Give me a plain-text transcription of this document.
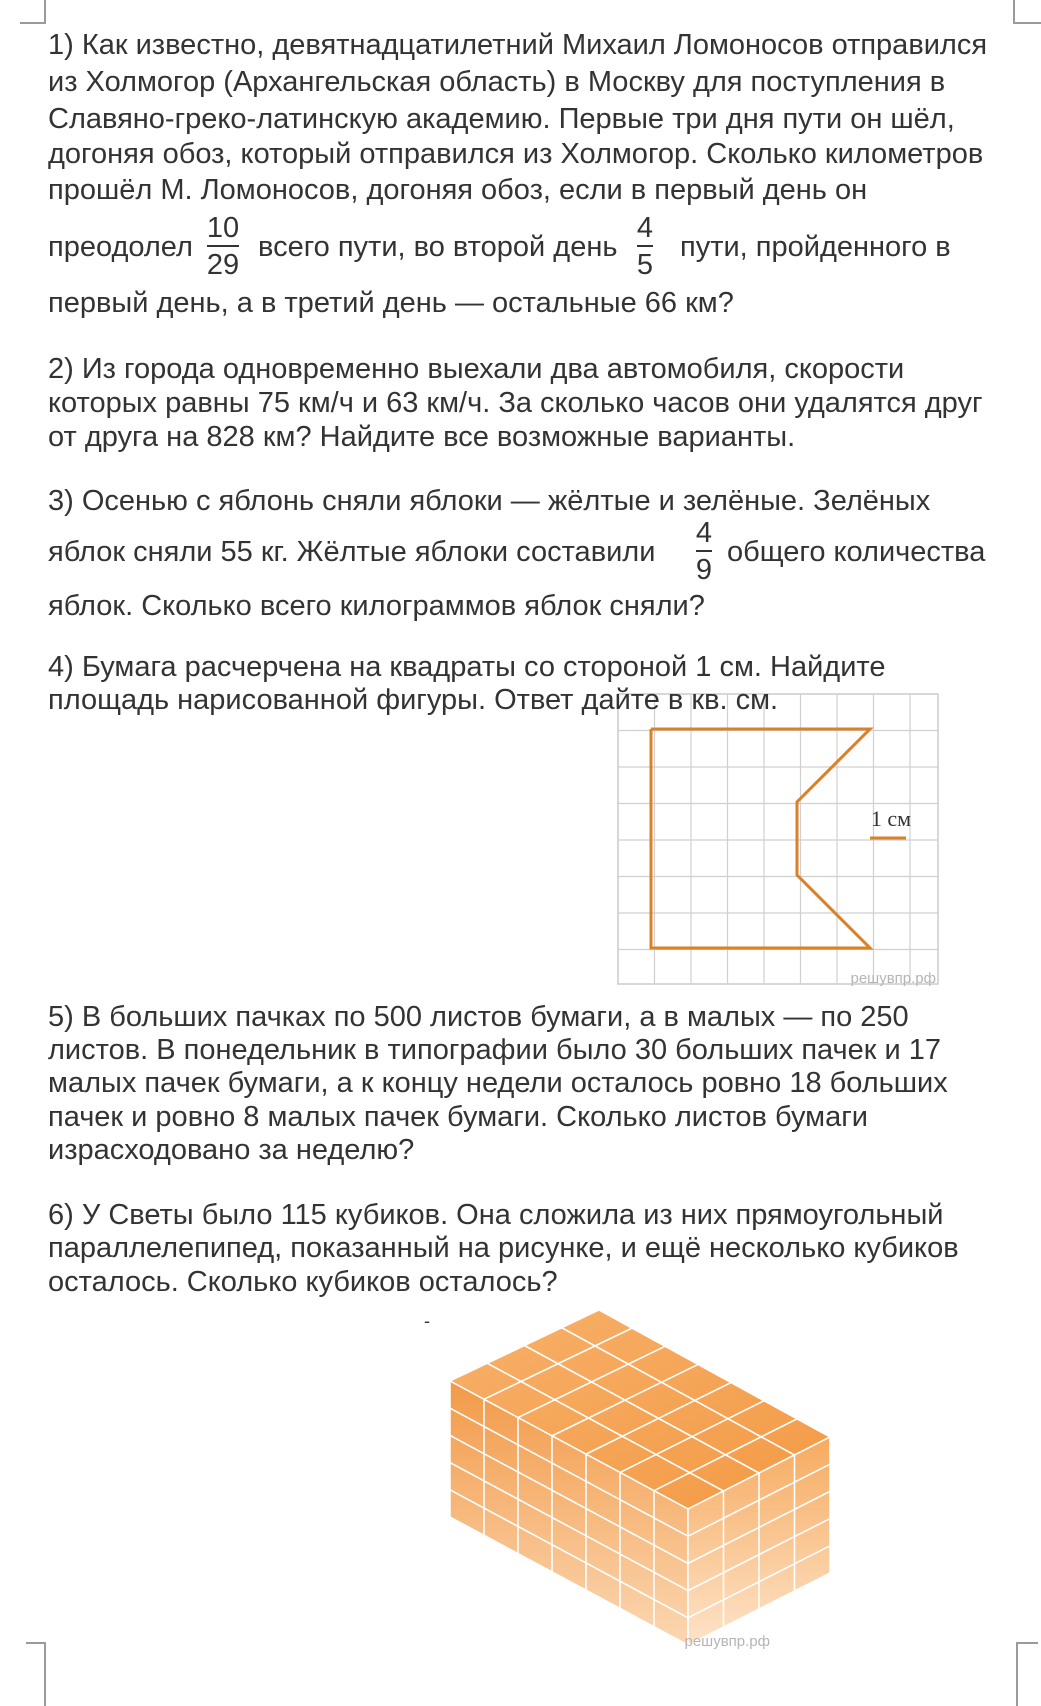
1) Как известно, девятнадцатилетний Михаил Ломоносов отправился
из Холмогор (Архангельская область) в Москву для поступления в
Славяно-греко-латинскую академию. Первые три дня пути он шёл,
догоняя обоз, который отправился из Холмогор. Сколько километров
прошёл М. Ломоносов, догоняя обоз, если в первый день он
преодолел
10
29
всего пути, во второй день
4
5
пути, пройденного в
первый день, а в третий день — остальные 66 км?
2) Из города одновременно выехали два автомобиля, скорости
которых равны 75 км/ч и 63 км/ч. За сколько часов они удалятся друг
от друга на 828 км? Найдите все возможные варианты.
3) Осенью с яблонь сняли яблоки — жёлтые и зелёные. Зелёных
яблок сняли 55 кг. Жёлтые яблоки составили
4
9
общего количества
яблок. Сколько всего килограммов яблок сняли?
1 см
решувпр.рф
4) Бумага расчерчена на квадраты со стороной 1 см. Найдите
площадь нарисованной фигуры. Ответ дайте в кв. см.
5) В больших пачках по 500 листов бумаги, а в малых — по 250
листов. В понедельник в типографии было 30 больших пачек и 17
малых пачек бумаги, а к концу недели осталось ровно 18 больших
пачек и ровно 8 малых пачек бумаги. Сколько листов бумаги
израсходовано за неделю?
6) У Светы было 115 кубиков. Она сложила из них прямоугольный
параллелепипед, показанный на рисунке, и ещё несколько кубиков
осталось. Сколько кубиков осталось?
-
решувпр.рф
